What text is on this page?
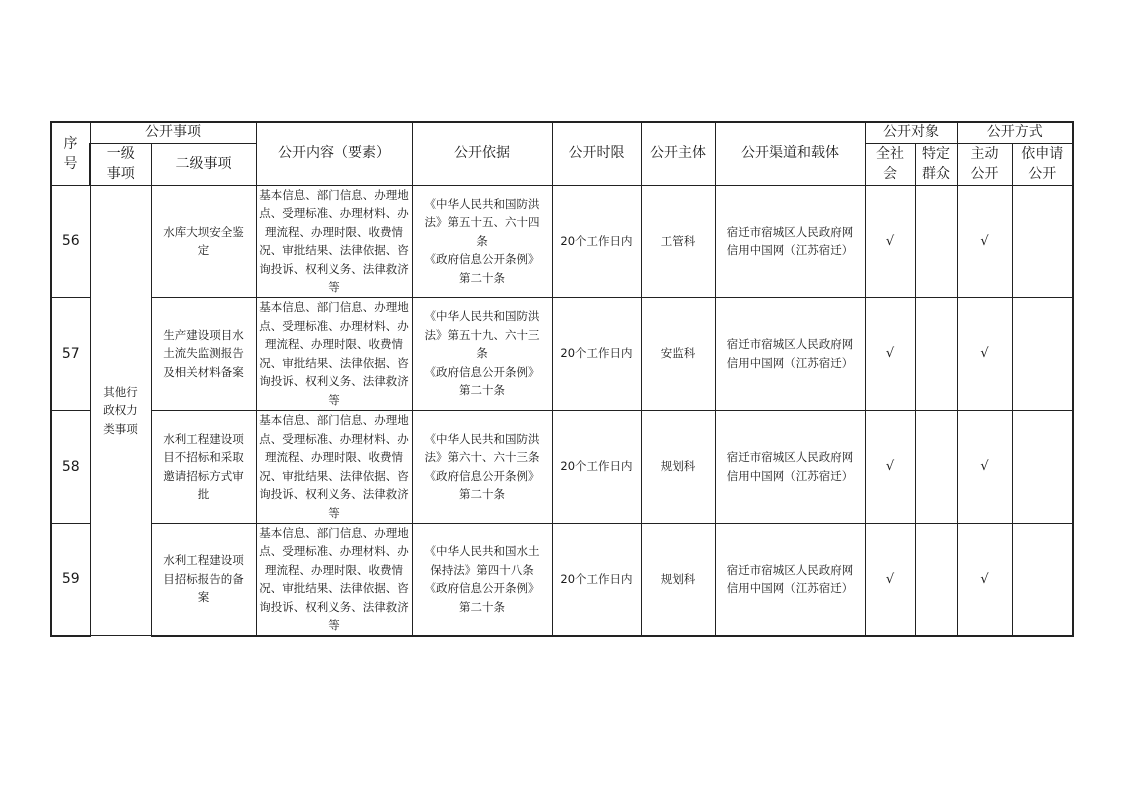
序号	公开事项		公开内容（要素）	公开依据	公开时限	公开主体	公开渠道和载体	公开对象		公开方式	

	一级事项	二级事项						全社会	特定群众	主动公开	依申请公开

56	其他行政权力类事项	水库大坝安全鉴定	基本信息、部门信息、办理地点、受理标准、办理材料、办理流程、办理时限、收费情况、审批结果、法律依据、咨询投诉、权利义务、法律救济等	《中华人民共和国防洪法》第五十五、六十四条
《政府信息公开条例》第二十条	20个工作日内	工管科	宿迁市宿城区人民政府网
信用中国网（江苏宿迁）	√		√	
57		生产建设项目水土流失监测报告及相关材料备案	基本信息、部门信息、办理地点、受理标准、办理材料、办理流程、办理时限、收费情况、审批结果、法律依据、咨询投诉、权利义务、法律救济等	《中华人民共和国防洪法》第五十九、六十三条
《政府信息公开条例》第二十条	20个工作日内	安监科	宿迁市宿城区人民政府网
信用中国网（江苏宿迁）	√		√	
58		水利工程建设项目不招标和采取邀请招标方式审批	基本信息、部门信息、办理地点、受理标准、办理材料、办理流程、办理时限、收费情况、审批结果、法律依据、咨询投诉、权利义务、法律救济等	《中华人民共和国防洪法》第六十、六十三条
《政府信息公开条例》第二十条	20个工作日内	规划科	宿迁市宿城区人民政府网
信用中国网（江苏宿迁）	√		√	
59		水利工程建设项目招标报告的备案	基本信息、部门信息、办理地点、受理标准、办理材料、办理流程、办理时限、收费情况、审批结果、法律依据、咨询投诉、权利义务、法律救济等	《中华人民共和国水土保持法》第四十八条
《政府信息公开条例》第二十条	20个工作日内	规划科	宿迁市宿城区人民政府网
信用中国网（江苏宿迁）	√		√	
